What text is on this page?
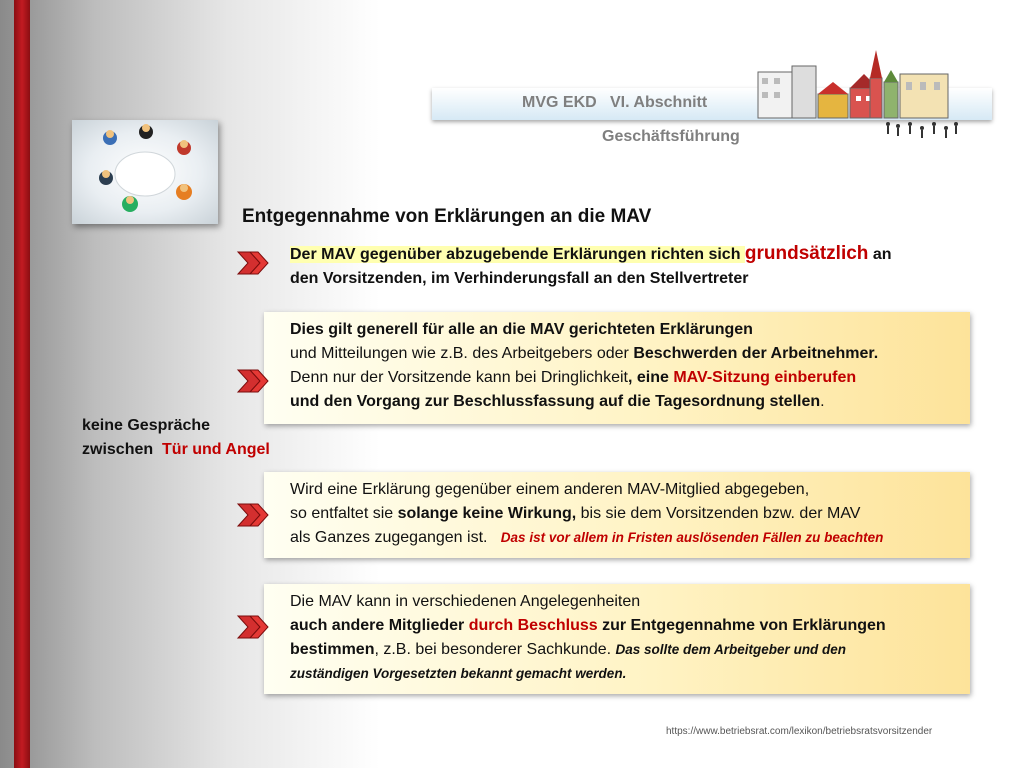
MVG EKD   VI. Abschnitt
Geschäftsführung
Entgegennahme von Erklärungen an die MAV
Der MAV gegenüber abzugebende Erklärungen richten sich grundsätzlich an
den Vorsitzenden, im Verhinderungsfall an den Stellvertreter
Dies gilt generell für alle an die MAV gerichteten Erklärungen
und Mitteilungen wie z.B. des Arbeitgebers oder Beschwerden der Arbeitnehmer.
Denn nur der Vorsitzende kann bei Dringlichkeit, eine MAV-Sitzung einberufen
und den Vorgang zur Beschlussfassung auf die Tagesordnung stellen.
keine Gespräche
zwischen  Tür und Angel
Wird eine Erklärung gegenüber einem anderen MAV-Mitglied abgegeben,
so entfaltet sie solange keine Wirkung, bis sie dem Vorsitzenden bzw. der MAV
als Ganzes zugegangen ist.   Das ist vor allem in Fristen auslösenden Fällen zu beachten
Die MAV kann in verschiedenen Angelegenheiten
auch andere Mitglieder durch Beschluss zur Entgegennahme von Erklärungen
bestimmen, z.B. bei besonderer Sachkunde. Das sollte dem Arbeitgeber und den
zuständigen Vorgesetzten bekannt gemacht werden.
https://www.betriebsrat.com/lexikon/betriebsratsvorsitzender
